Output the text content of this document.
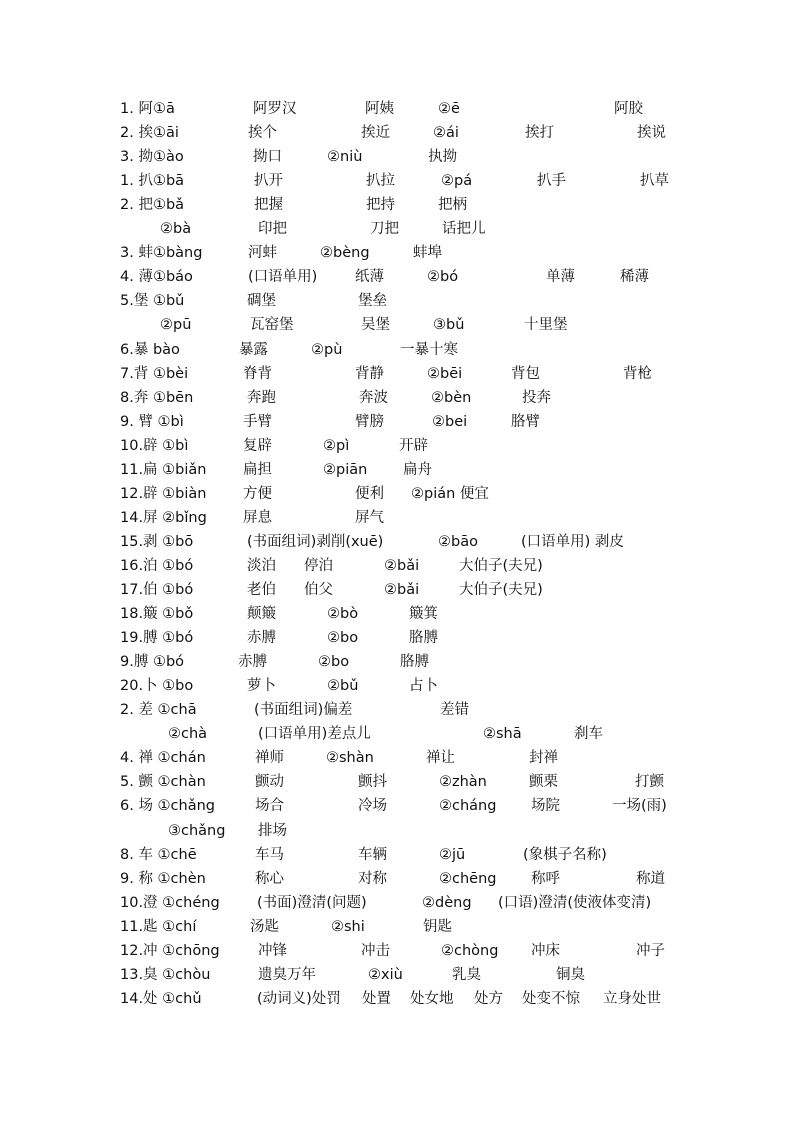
1. 阿①ā	阿罗汉	阿姨	②ē	阿胶
2. 挨①āi	挨个	挨近	②ái	挨打	挨说
3. 拗①ào	拗口	②niù	执拗
1. 扒①bā	扒开	扒拉	②pá	扒手	扒草
2. 把①bǎ	把握	把持	把柄
②bà	印把	刀把	话把儿
3. 蚌①bàng	河蚌	②bèng	蚌埠
4. 薄①báo	(口语单用)	纸薄	②bó	单薄	稀薄
5.堡 ①bǔ	碉堡	堡垒
②pū	瓦窑堡	吴堡	③bǔ	十里堡
6.暴 bào	暴露	②pù	一暴十寒
7.背 ①bèi	脊背	背静	②bēi	背包	背枪
8.奔 ①bēn	奔跑	奔波	②bèn	投奔
9. 臂 ①bì	手臂	臂膀	②bei	胳臂
10.辟 ①bì	复辟	②pì	开辟
11.扁 ①biǎn	扁担	②piān 扁舟
12.辟 ①biàn	方便	便利 ②pián 便宜
14.屏 ②bǐng 屏息	屏气
15.剥 ①bō	(书面组词)剥削(xuē)	②bāo	(口语单用) 剥皮
16.泊 ①bó	淡泊 停泊	②bǎi	大伯子(夫兄)
17.伯 ①bó	老伯 伯父	②bǎi	大伯子(夫兄)
18.簸 ①bǒ	颠簸	②bò	簸箕
19.膊 ①bó	赤膊	②bo	胳膊
9.膊 ①bó	赤膊	②bo	胳膊
20.卜 ①bo	萝卜	②bǔ	占卜
2. 差 ①chā	(书面组词)偏差	差错
②chà	(口语单用)差点儿	②shā	刹车
4. 禅 ①chán	禅师	②shàn	禅让	封禅
5. 颤 ①chàn	颤动	颤抖	②zhàn	颤栗	打颤
6. 场 ①chǎng	场合	冷场	②cháng 场院	一场(雨)
③chǎng 排场
8. 车 ①chē	车马	车辆	②jū	(象棋子名称)
9. 称 ①chèn	称心	对称	②chēng 称呼	称道
10.澄 ①chéng	(书面)澄清(问题)	②dèng (口语)澄清(使液体变清)
11.匙 ①chí	汤匙	②shi	钥匙
12.冲 ①chōng	冲锋	冲击	②chòng 冲床	冲子
13.臭 ①chòu	遗臭万年	②xiù	乳臭	铜臭
14.处 ①chǔ	(动词义)处罚 处置 处女地 处方 处变不惊 立身处世
